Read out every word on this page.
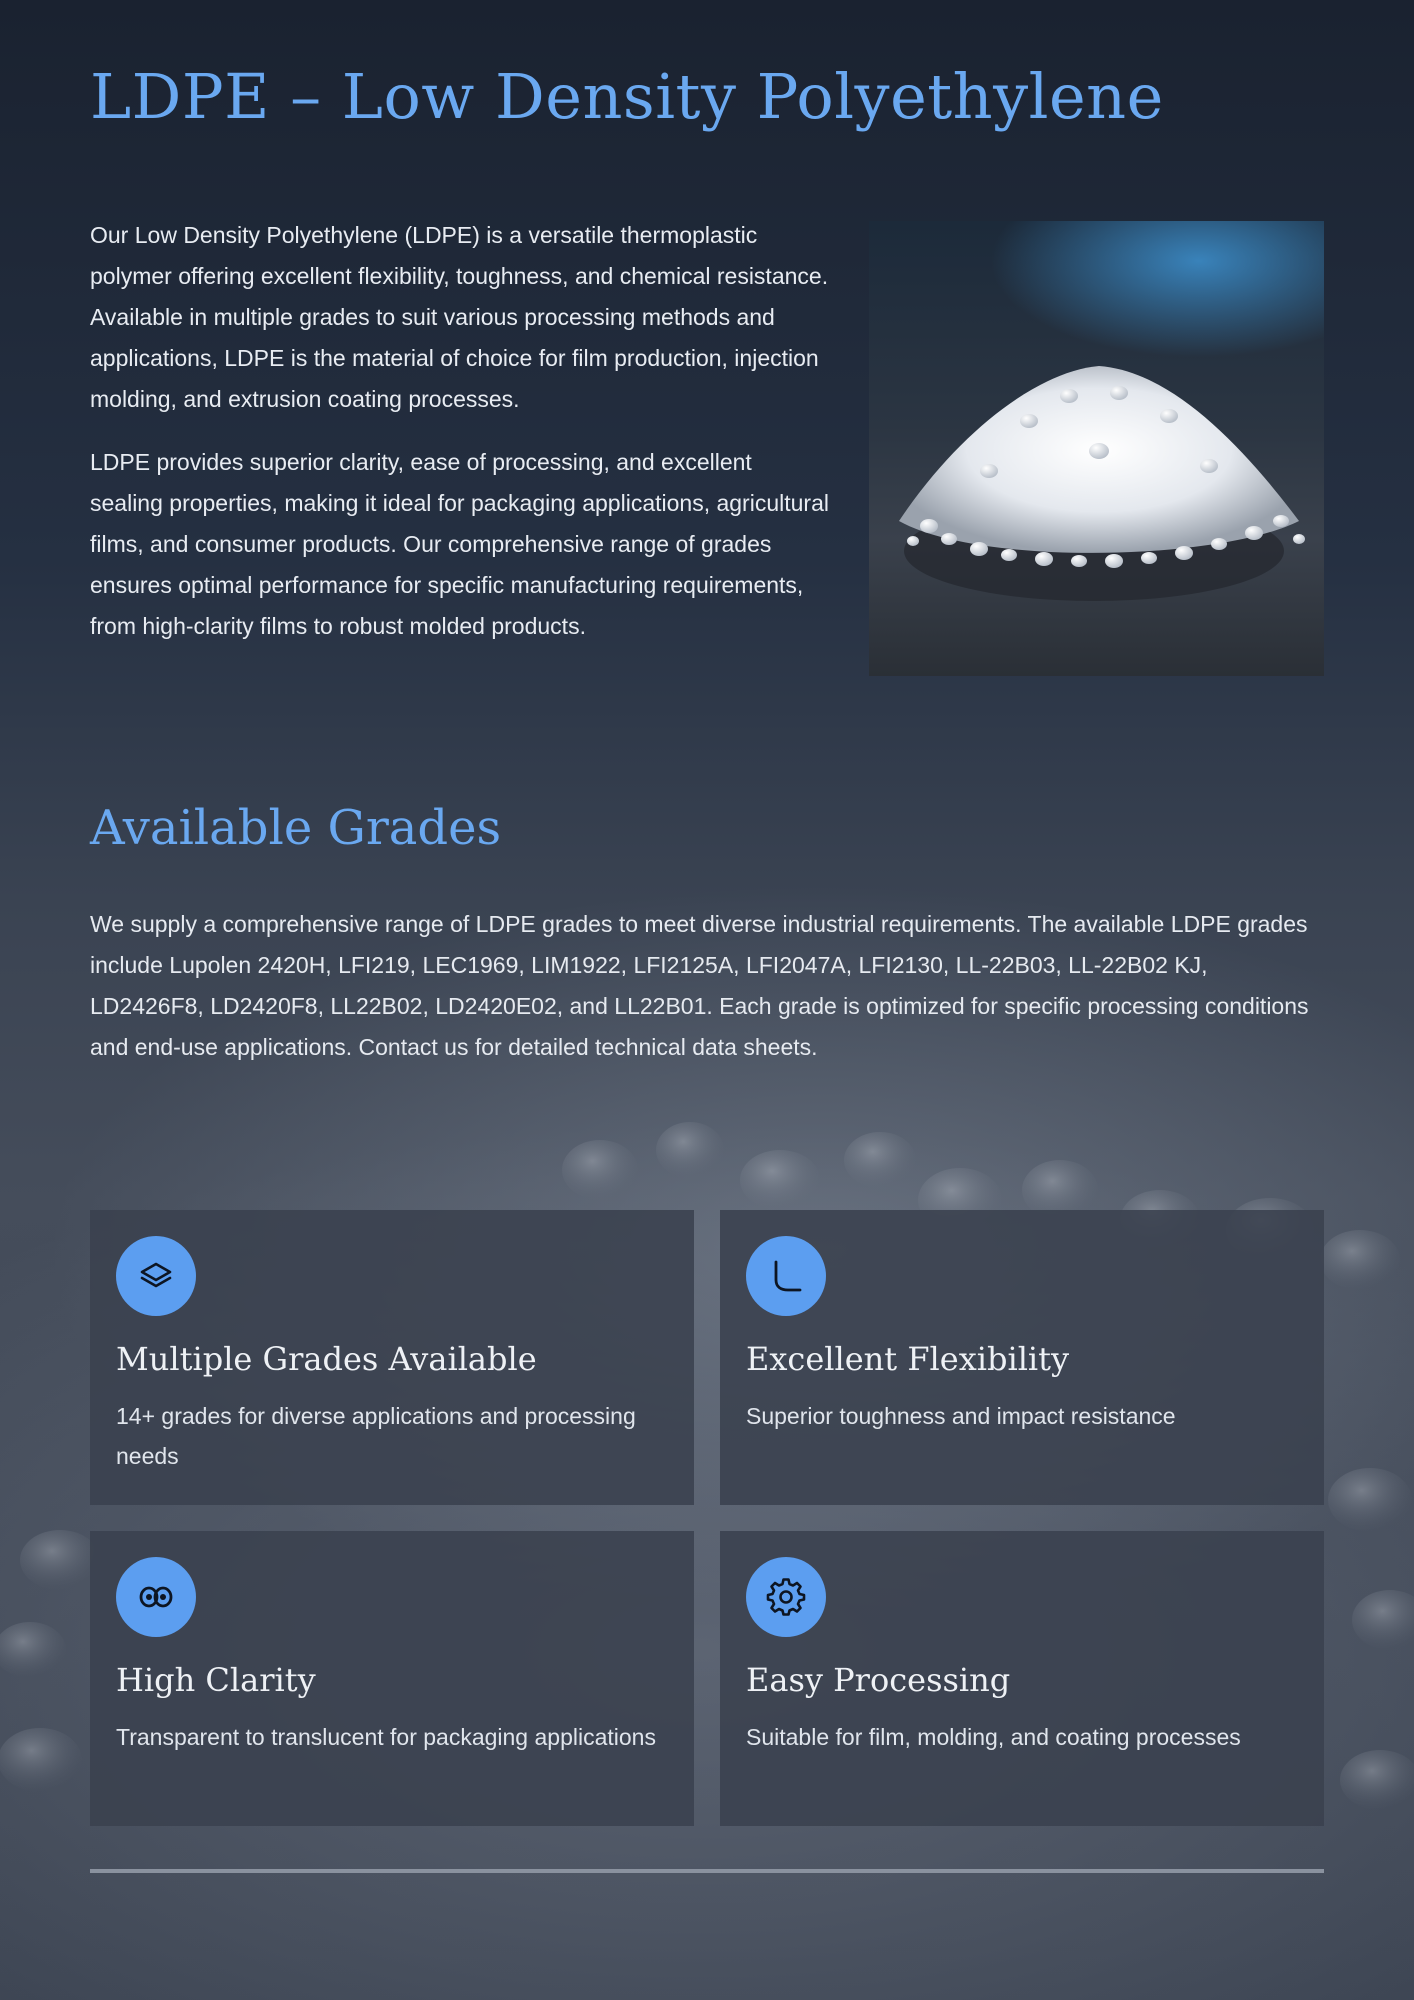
LDPE – Low Density Polyethylene

Our Low Density Polyethylene (LDPE) is a versatile thermoplastic polymer offering excellent flexibility, toughness, and chemical resistance. Available in multiple grades to suit various processing methods and applications, LDPE is the material of choice for film production, injection molding, and extrusion coating processes.

LDPE provides superior clarity, ease of processing, and excellent sealing properties, making it ideal for packaging applications, agricultural films, and consumer products. Our comprehensive range of grades ensures optimal performance for specific manufacturing requirements, from high-clarity films to robust molded products.

Available Grades

We supply a comprehensive range of LDPE grades to meet diverse industrial requirements. The available LDPE grades include Lupolen 2420H, LFI219, LEC1969, LIM1922, LFI2125A, LFI2047A, LFI2130, LL-22B03, LL-22B02 KJ, LD2426F8, LD2420F8, LL22B02, LD2420E02, and LL22B01. Each grade is optimized for specific processing conditions and end-use applications. Contact us for detailed technical data sheets.

Multiple Grades Available

14+ grades for diverse applications and processing needs

Excellent Flexibility

Superior toughness and impact resistance

High Clarity

Transparent to translucent for packaging applications

Easy Processing

Suitable for film, molding, and coating processes
